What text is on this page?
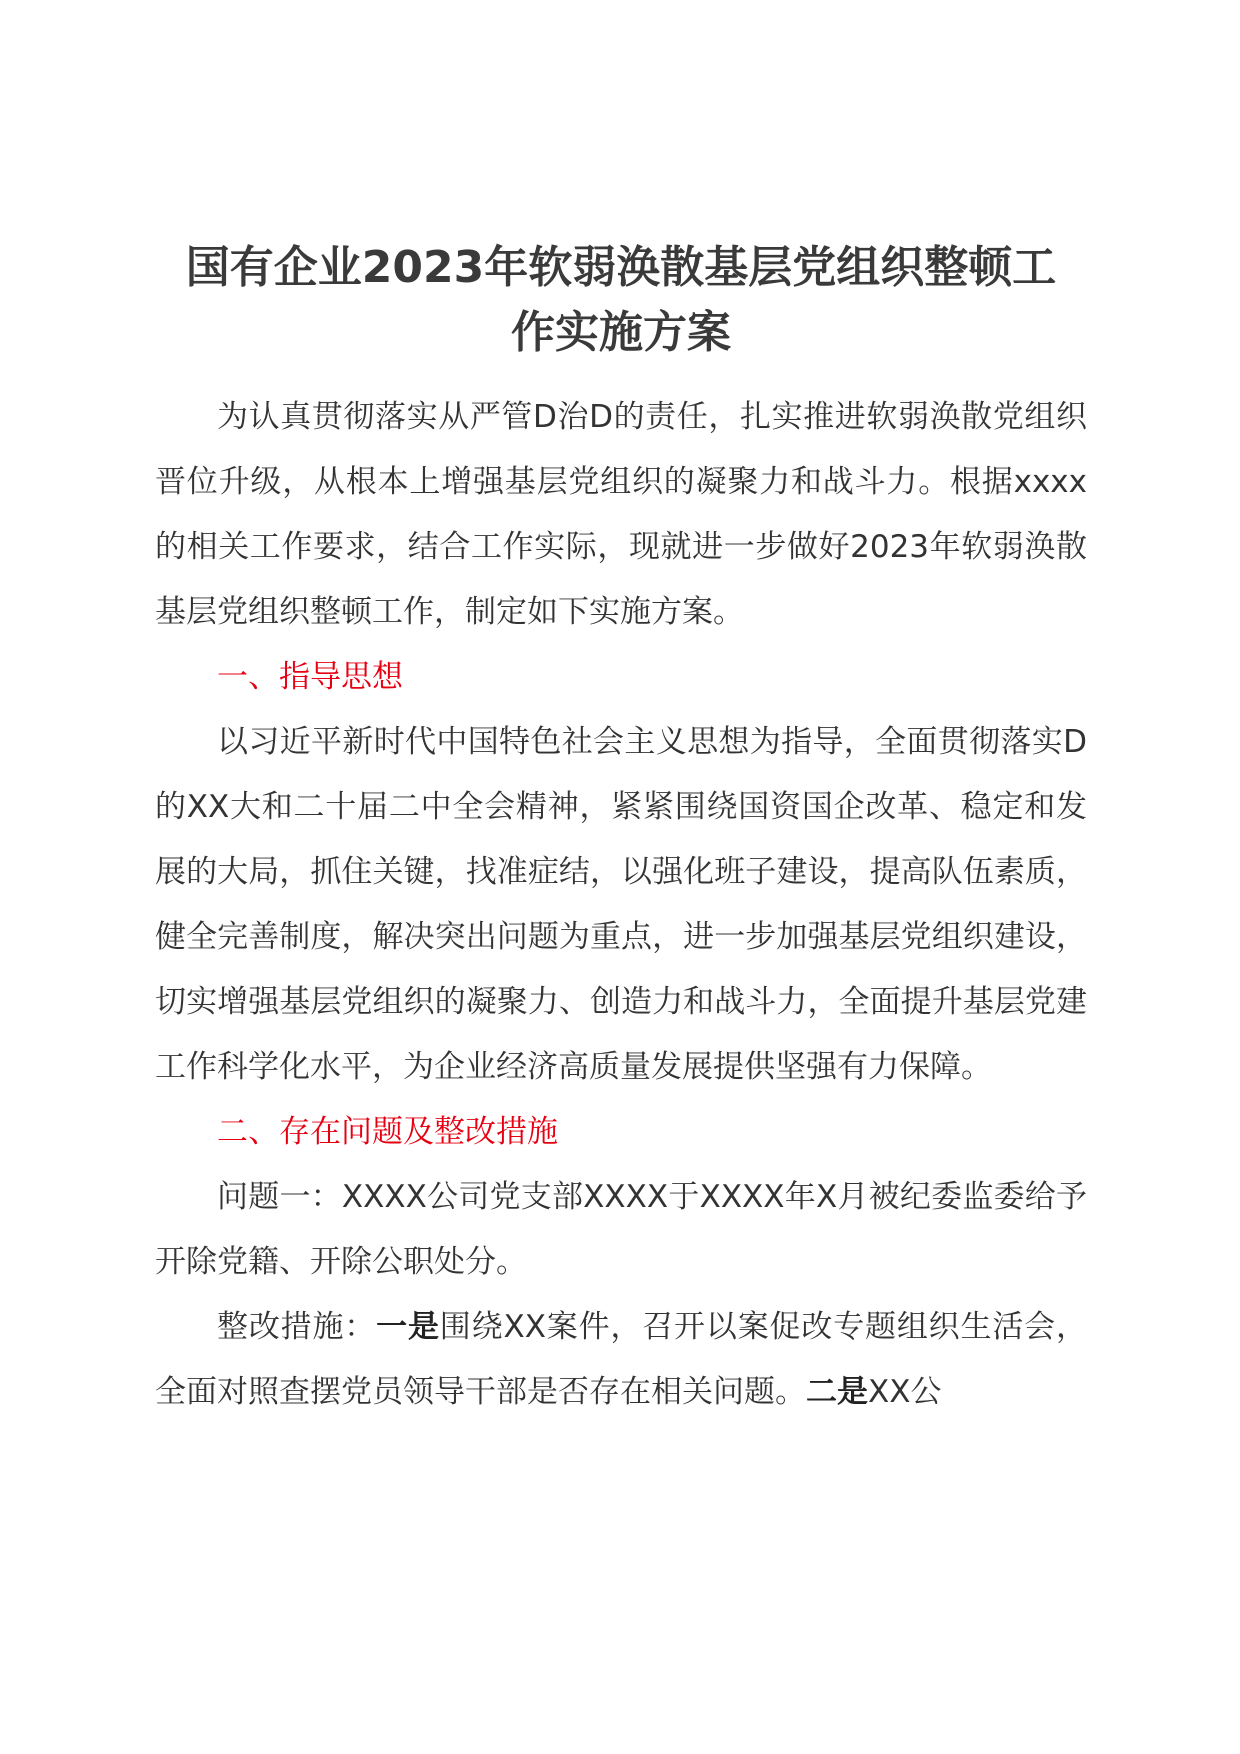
国有企业2023年软弱涣散基层党组织整顿工
作实施方案

为认真贯彻落实从严管D治D的责任，扎实推进软弱涣散党组织晋位升级，从根本上增强基层党组织的凝聚力和战斗力。根据xxxx的相关工作要求，结合工作实际，现就进一步做好2023年软弱涣散基层党组织整顿工作，制定如下实施方案。

一、指导思想

以习近平新时代中国特色社会主义思想为指导，全面贯彻落实D的XX大和二十届二中全会精神，紧紧围绕国资国企改革、稳定和发展的大局，抓住关键，找准症结，以强化班子建设，提高队伍素质，健全完善制度，解决突出问题为重点，进一步加强基层党组织建设，切实增强基层党组织的凝聚力、创造力和战斗力，全面提升基层党建工作科学化水平，为企业经济高质量发展提供坚强有力保障。

二、存在问题及整改措施

问题一：XXXX公司党支部XXXX于XXXX年X月被纪委监委给予开除党籍、开除公职处分。

整改措施：一是围绕XX案件，召开以案促改专题组织生活会，全面对照查摆党员领导干部是否存在相关问题。二是XX公
